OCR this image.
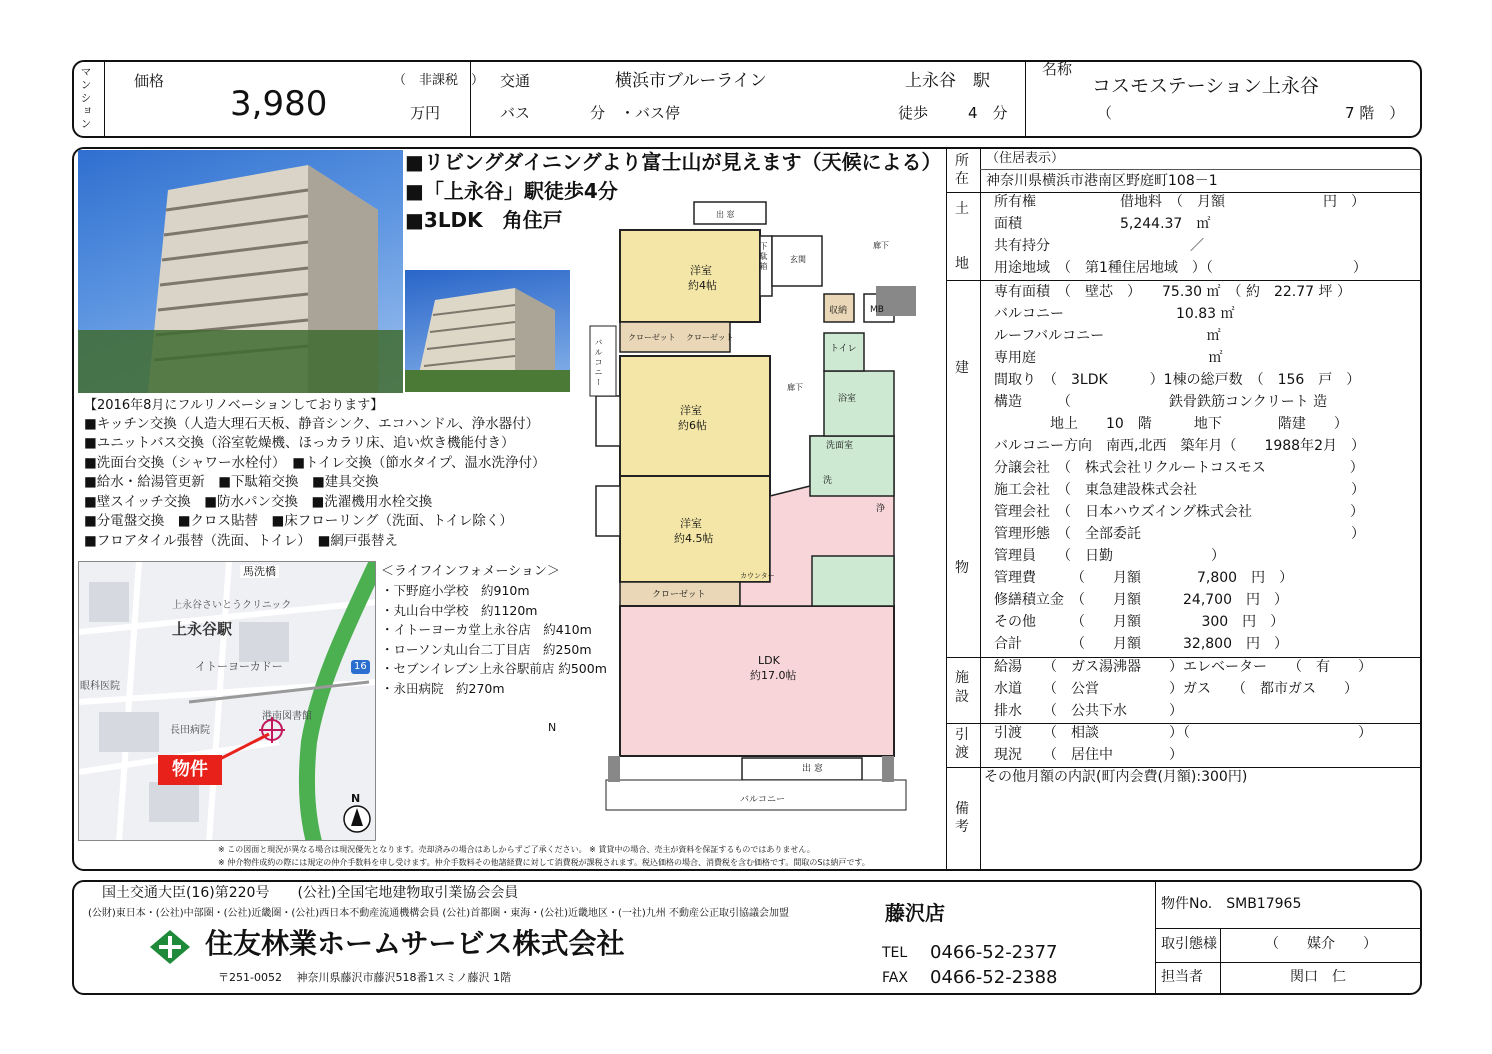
マンション	価格	（　非課税　）
3,980	万円
交通	横浜市ブルーライン	上永谷　駅
バス	分　・バス停	徒歩	4　分
名称
コスモステーション上永谷
（	7 階　）
■リビングダイニングより富士山が見えます（天候による）
■「上永谷」駅徒歩4分
■3LDK　角住戸
【2016年8月にフルリノベーションしております】
■キッチン交換（人造大理石天板、静音シンク、エコハンドル、浄水器付）
■ユニットバス交換（浴室乾燥機、ほっカラリ床、追い炊き機能付き）
■洗面台交換（シャワー水栓付）　■トイレ交換（節水タイプ、温水洗浄付）
■給水・給湯管更新　■下駄箱交換　■建具交換
■壁スイッチ交換　■防水パン交換　■洗濯機用水栓交換
■分電盤交換　■クロス貼替　■床フローリング（洗面、トイレ除く）
■フロアタイル張替（洗面、トイレ）　■網戸張替え
馬洗橋
上永谷さいとうクリニック
上永谷駅
イトーヨーカドー
眼科医院
長田病院
港南図書館
16
物件
N
＜ライフインフォメーション＞
・下野庭小学校　約910m
・丸山台中学校　約1120m
・イトーヨーカ堂上永谷店　約410m
・ローソン丸山台二丁目店　約250m
・セブンイレブン上永谷駅前店 約500m
・永田病院　約270m
洋室
約4帖
洋室
約6帖
洋室
約4.5帖
LDK
約17.0帖
クローゼット クローゼット
クローゼット
玄関
廊下
廊下
収納	MB
トイレ
浴室
洗面室
洗
浄
カウンター
出 窓
出 窓
バルコニー
バルコニー
下駄箱
N
※ この図面と現況が異なる場合は現況優先となります。売却済みの場合はあしからずご了承ください。 ※ 賃貸中の場合、売主が資料を保証するものではありません。
※ 仲介物件成約の際には規定の仲介手数料を申し受けます。仲介手数料その他諸経費に対して消費税が課税されます。税込価格の場合、消費税を含む価格です。間取のSは納戸です。
所
在
（住居表示）
神奈川県横浜市港南区野庭町108－1
土
地
所有権　　　　　　借地料　（　月額　　　　　　　円　）
面積　　　　　　　5,244.37　㎡
共有持分　　　　　　　　　　／
用途地域　（　第1種住居地域　）（　　　　　　　　　　）
建
物
専有面積　（　壁芯　）　　75.30 ㎡　（ 約　22.77 坪 ）
バルコニー　　　　　　　　10.83 ㎡
ルーフバルコニー　　　　　　　 ㎡
専用庭　　　　　　　　　　　　 ㎡
間取り　（　3LDK　　　）1棟の総戸数　（　156　戸　）
構造　　　（　　　　　　　鉄骨鉄筋コンクリート 造
　　　　地上　　10　階　　　地下　　　　階建　　）
バルコニー方向　南西,北西　築年月（　　1988年2月　）
分譲会社　（　株式会社リクルートコスモス　　　　　　）
施工会社　（　東急建設株式会社　　　　　　　　　　　）
管理会社　（　日本ハウズイング株式会社　　　　　　　）
管理形態　（　全部委託　　　　　　　　　　　　　　　）
管理員　　（　日勤　　　　　　　）
管理費　　　（　　月額　　　　7,800　円　）
修繕積立金　（　　月額　　　24,700　円　）
その他　　　（　　月額　　　　 300　円　）
合計　　　　（　　月額　　　32,800　円　）
施
設
給湯　　（　ガス湯沸器　　）エレベーター　　（　有　　）
水道　　（　公営　　　　　）ガス　　（　都市ガス　　）
排水　　（　公共下水　　　）
引
渡
引渡　　（　相談　　　　　）（　　　　　　　　　　　　）
現況　　（　居住中　　　　）
備
考
その他月額の内訳(町内会費(月額):300円)
国土交通大臣(16)第220号　　(公社)全国宅地建物取引業協会会員
(公財)東日本・(公社)中部圏・(公社)近畿圏・(公社)西日本不動産流通機構会員 (公社)首都圏・東海・(公社)近畿地区・(一社)九州 不動産公正取引協議会加盟
住友林業ホームサービス株式会社
〒251-0052　 神奈川県藤沢市藤沢518番1スミノ藤沢 1階
藤沢店
TEL 0466-52-2377
FAX 0466-52-2388
物件No.　SMB17965
取引態様	（　　媒介　　）
担当者	関口　仁
